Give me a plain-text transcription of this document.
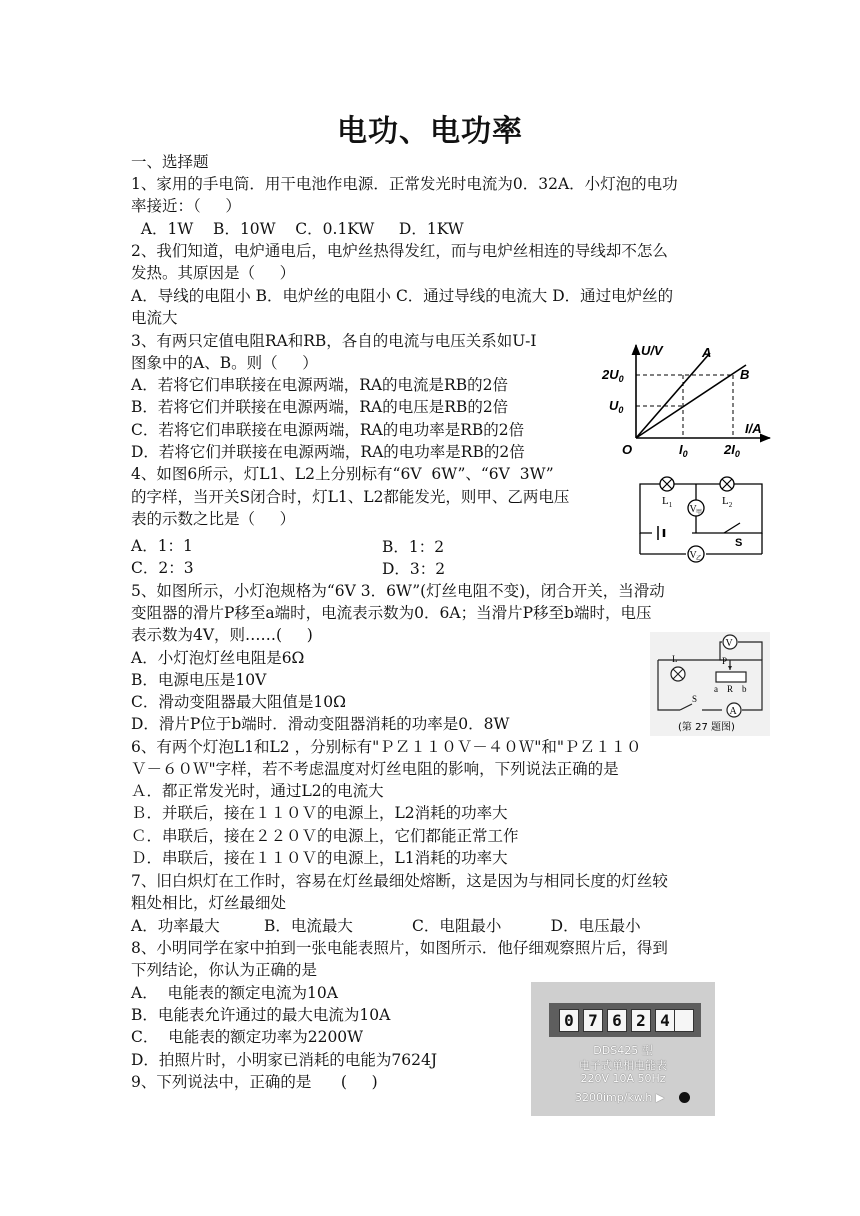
电功、电功率
一、选择题
1、家用的手电筒．用干电池作电源．正常发光时电流为0．32A．小灯泡的电功
率接近：（     ）
A．1W    B．10W    C．0.1KW     D．1KW
2、我们知道，电炉通电后，电炉丝热得发红，而与电炉丝相连的导线却不怎么
发热。其原因是（     ）
A．导线的电阻小 B．电炉丝的电阻小 C．通过导线的电流大 D．通过电炉丝的
电流大
3、有两只定值电阻RA和RB，各自的电流与电压关系如U-I
图象中的A、B。则（     ）
A．若将它们串联接在电源两端，RA的电流是RB的2倍
B．若将它们并联接在电源两端，RA的电压是RB的2倍
C．若将它们串联接在电源两端，RA的电功率是RB的2倍
D．若将它们并联接在电源两端，RA的电功率是RB的2倍
4、如图6所示，灯L1、L2上分别标有“6V  6W”、“6V  3W”
的字样，当开关S闭合时，灯L1、L2都能发光，则甲、乙两电压
表的示数之比是（     ）
A．1：1
C．2：3
5、如图所示，小灯泡规格为“6V 3．6W”(灯丝电阻不变)，闭合开关，当滑动
变阻器的滑片P移至a端时，电流表示数为0．6A；当滑片P移至b端时，电压
表示数为4V，则……(     )
A．小灯泡灯丝电阻是6Ω
B．电源电压是10V
C．滑动变阻器最大阻值是10Ω
D．滑片P位于b端时．滑动变阻器消耗的功率是0．8W
6、有两个灯泡L1和L2 ，分别标有"ＰＺ１１０Ｖ－４０Ｗ"和"ＰＺ１１０
Ｖ－６０Ｗ"字样，若不考虑温度对灯丝电阻的影响，下列说法正确的是
Ａ．都正常发光时，通过L2的电流大
Ｂ．并联后，接在１１０Ｖ的电源上，L2消耗的功率大
Ｃ．串联后，接在２２０Ｖ的电源上，它们都能正常工作
Ｄ．串联后，接在１１０Ｖ的电源上，L1消耗的功率大
7、旧白炽灯在工作时，容易在灯丝最细处熔断，这是因为与相同长度的灯丝较
粗处相比，灯丝最细处
A．功率最大         B．电流最大            C．电阻最小          D．电压最小
8、小明同学在家中拍到一张电能表照片，如图所示．他仔细观察照片后，得到
下列结论，你认为正确的是
A．  电能表的额定电流为10A
B．电能表允许通过的最大电流为10A
C．  电能表的额定功率为2200W
D．拍照片时，小明家已消耗的电能为7624J
9、下列说法中，正确的是      (     )
B．1：2
D．3：2
U/V
I/A
A
B
O
$2U_0$
$U_0$
$I_0$	$2I_0$
V 甲
V 乙
$L_1$	$L_2$
S
V
A
P
L
a R b
S
(第 27 题图)
0 7 6 2 4
DDS425 型
电子式单相电能表
220V 10A 50Hz
3200imp/kw.h ▶
